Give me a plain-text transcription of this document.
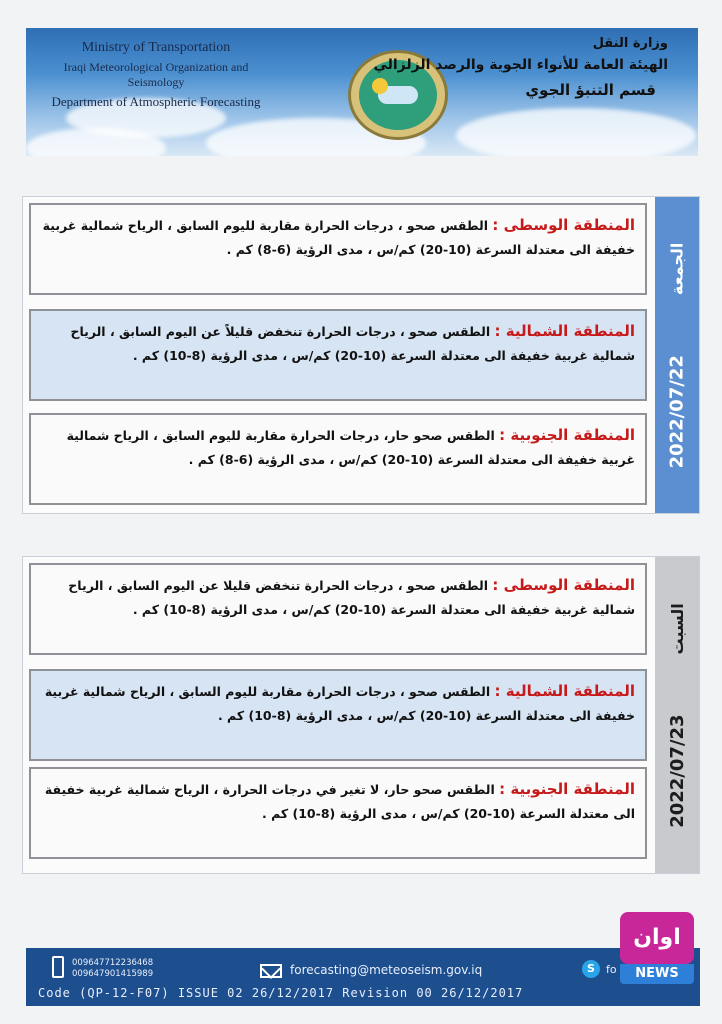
Ministry of Transportation
Iraqi Meteorological Organization and Seismology
Department of Atmospheric Forecasting
وزارة النقل
الهيئة العامة للأنواء الجوية والرصد الزلزالي
قسم التنبؤ الجوي

المنطقة الوسطى : الطقس صحو ، درجات الحرارة مقاربة لليوم السابق ، الرياح شمالية غربية خفيفة الى معتدلة السرعة (10-20) كم/س ، مدى الرؤية (6-8) كم .

المنطقة الشمالية : الطقس صحو ، درجات الحرارة تنخفض قليلاً عن اليوم السابق ، الرياح شمالية غربية خفيفة الى معتدلة السرعة (10-20) كم/س ، مدى الرؤية (8-10) كم .

المنطقة الجنوبية : الطقس صحو حار، درجات الحرارة مقاربة لليوم السابق ، الرياح شمالية غربية خفيفة الى معتدلة السرعة (10-20) كم/س ، مدى الرؤية (6-8) كم . 2022/07/22
الجمعة

المنطقة الوسطى : الطقس صحو ، درجات الحرارة تنخفض قليلا عن اليوم السابق ، الرياح شمالية غربية خفيفة الى معتدلة السرعة (10-20) كم/س ، مدى الرؤية (8-10) كم .

المنطقة الشمالية : الطقس صحو ، درجات الحرارة مقاربة لليوم السابق ، الرياح شمالية غربية خفيفة الى معتدلة السرعة (10-20) كم/س ، مدى الرؤية (8-10) كم .

المنطقة الجنوبية : الطقس صحو حار، لا تغير في درجات الحرارة ، الرياح شمالية غربية خفيفة الى معتدلة السرعة (10-20) كم/س ، مدى الرؤية (8-10) كم . 2022/07/23
السبت
009647712236468
009647901415989	forecasting@meteoseism.gov.iq	S	fo
Code (QP-12-F07) ISSUE 02 26/12/2017 Revision 00 26/12/2017
اوان
NEWS
